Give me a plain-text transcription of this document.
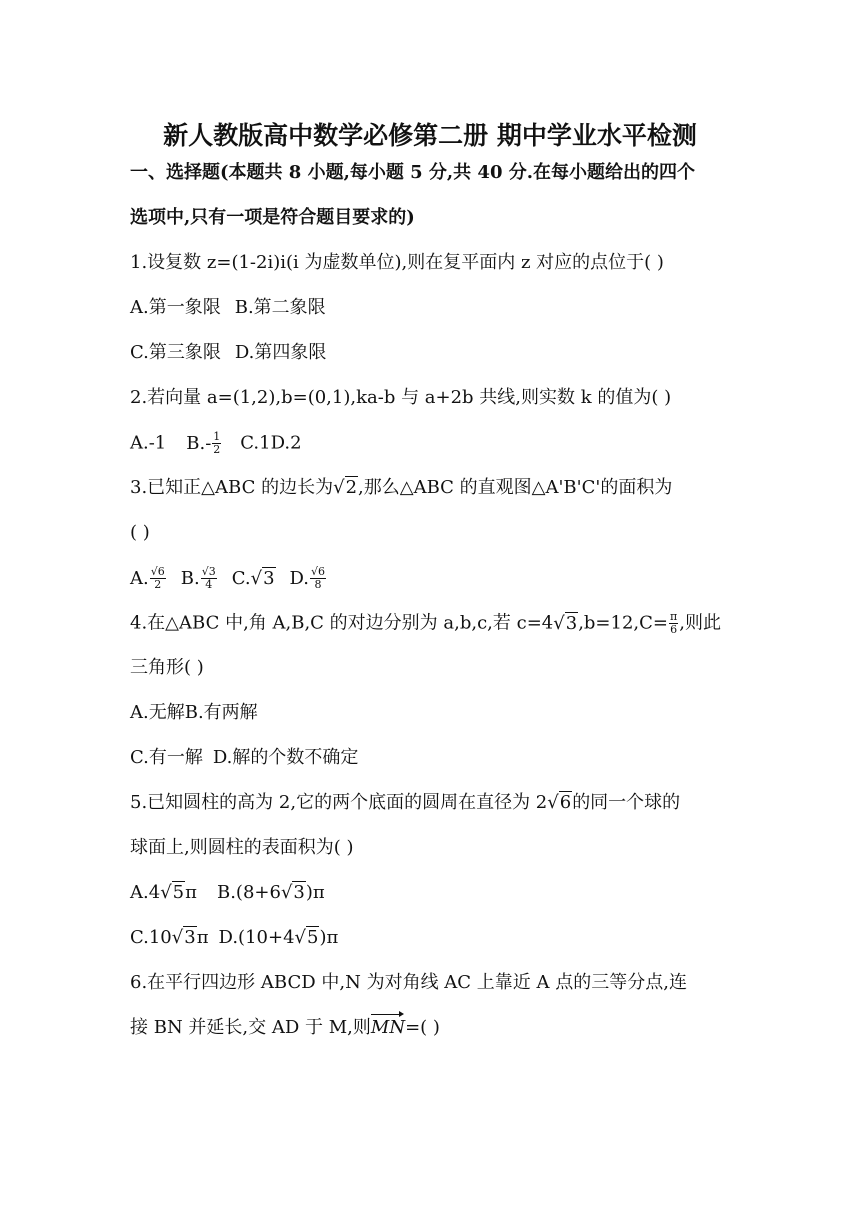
新人教版高中数学必修第二册 期中学业水平检测
一、选择题(本题共 8 小题,每小题 5 分,共 40 分.在每小题给出的四个
选项中,只有一项是符合题目要求的)
1.设复数 z=(1-2i)i(i 为虚数单位),则在复平面内 z 对应的点位于( )
A.第一象限 B.第二象限
C.第三象限 D.第四象限
2.若向量 a=(1,2),b=(0,1),ka-b 与 a+2b 共线,则实数 k 的值为( )
A.-1 $B.- \frac{1}{2} C.1D.2$
3.已知正△ABC 的边长为√2,那么△ABC 的直观图△A'B'C'的面积为
( )
A. $\frac{√6}{2} B$. $\frac{√3}{4} C.√3$ D. $\frac{√6}{8}$
4.在△ABC 中,角 A,B,C 的对边分别为 a,b,c,若 $c=4√3,b=12,C= \frac{\pi}{6}$ ,则此
三角形( )
A.无解B.有两解
C.有一解 D.解的个数不确定
5.已知圆柱的高为 2,它的两个底面的圆周在直径为 2√6的同一个球的
球面上,则圆柱的表面积为( )
A.4√5π B.(8+6√3)π
C.10√3π D.(10+4√5)π
6.在平行四边形 ABCD 中,N 为对角线 AC 上靠近 A 点的三等分点,连
接 BN 并延长,交 AD 于 M,则MN=( )
